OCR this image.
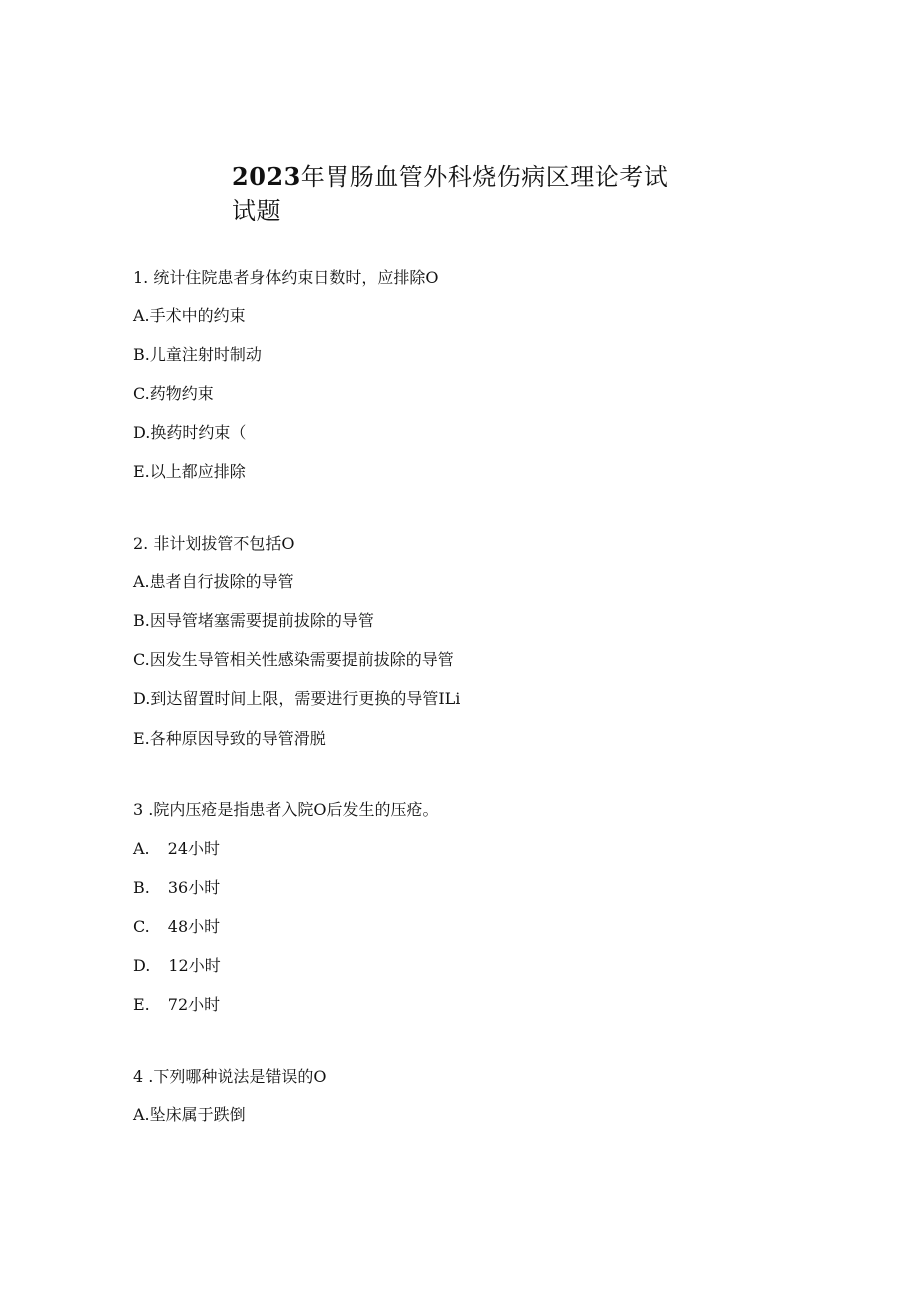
2023年胃肠血管外科烧伤病区理论考试
试题

1. 统计住院患者身体约束日数时，应排除O

A.手术中的约束

B.儿童注射时制动

C.药物约束

D.换药时约束（

E.以上都应排除

2. 非计划拔管不包括O

A.患者自行拔除的导管

B.因导管堵塞需要提前拔除的导管

C.因发生导管相关性感染需要提前拔除的导管

D.到达留置时间上限，需要进行更换的导管ILi

E.各种原因导致的导管滑脱

3 .院内压疮是指患者入院O后发生的压疮。

A. 24小时

B. 36小时

C. 48小时

D. 12小时

E. 72小时

4 .下列哪种说法是错误的O

A.坠床属于跌倒
